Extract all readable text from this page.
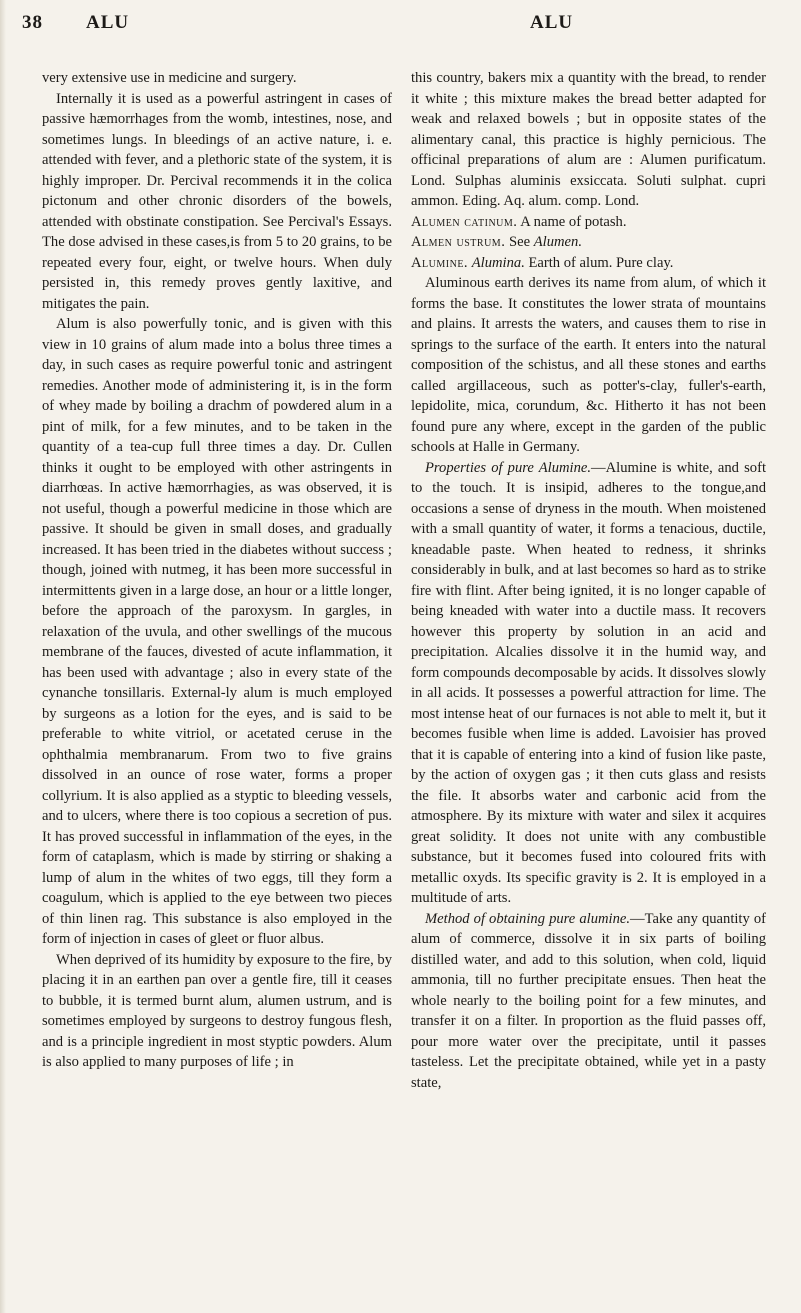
38 ALU	ALU

very extensive use in medicine and surgery.

Internally it is used as a powerful astringent in cases of passive hæmorrhages from the womb, intestines, nose, and sometimes lungs. In bleedings of an active nature, i. e. attended with fever, and a plethoric state of the system, it is highly improper. Dr. Percival recommends it in the colica pictonum and other chronic disorders of the bowels, attended with obstinate constipation. See Percival's Essays. The dose advised in these cases,is from 5 to 20 grains, to be repeated every four, eight, or twelve hours. When duly persisted in, this remedy proves gently laxitive, and mitigates the pain.

Alum is also powerfully tonic, and is given with this view in 10 grains of alum made into a bolus three times a day, in such cases as require powerful tonic and astringent remedies. Another mode of administering it, is in the form of whey made by boiling a drachm of powdered alum in a pint of milk, for a few minutes, and to be taken in the quantity of a tea-cup full three times a day. Dr. Cullen thinks it ought to be employed with other astringents in diarrhœas. In active hæmorrhagies, as was observed, it is not useful, though a powerful medicine in those which are passive. It should be given in small doses, and gradually increased. It has been tried in the diabetes without success ; though, joined with nutmeg, it has been more successful in intermittents given in a large dose, an hour or a little longer, before the approach of the paroxysm. In gargles, in relaxation of the uvula, and other swellings of the mucous membrane of the fauces, divested of acute inflammation, it has been used with advantage ; also in every state of the cynanche tonsillaris. External-ly alum is much employed by surgeons as a lotion for the eyes, and is said to be preferable to white vitriol, or acetated ceruse in the ophthalmia membranarum. From two to five grains dissolved in an ounce of rose water, forms a proper collyrium. It is also applied as a styptic to bleeding vessels, and to ulcers, where there is too copious a secretion of pus. It has proved successful in inflammation of the eyes, in the form of cataplasm, which is made by stirring or shaking a lump of alum in the whites of two eggs, till they form a coagulum, which is applied to the eye between two pieces of thin linen rag. This substance is also employed in the form of injection in cases of gleet or fluor albus.

When deprived of its humidity by exposure to the fire, by placing it in an earthen pan over a gentle fire, till it ceases to bubble, it is termed burnt alum, alumen ustrum, and is sometimes employed by surgeons to destroy fungous flesh, and is a principle ingredient in most styptic powders. Alum is also applied to many purposes of life ; in

this country, bakers mix a quantity with the bread, to render it white ; this mixture makes the bread better adapted for weak and relaxed bowels ; but in opposite states of the alimentary canal, this practice is highly pernicious. The officinal preparations of alum are : Alumen purificatum. Lond. Sulphas aluminis exsiccata. Soluti sulphat. cupri ammon. Eding. Aq. alum. comp. Lond.

Alumen catinum. A name of potash.

Almen ustrum. See Alumen.

Alumine. Alumina. Earth of alum. Pure clay.

Aluminous earth derives its name from alum, of which it forms the base. It constitutes the lower strata of mountains and plains. It arrests the waters, and causes them to rise in springs to the surface of the earth. It enters into the natural composition of the schistus, and all these stones and earths called argillaceous, such as potter's-clay, fuller's-earth, lepidolite, mica, corundum, &c. Hitherto it has not been found pure any where, except in the garden of the public schools at Halle in Germany.

Properties of pure Alumine.—Alumine is white, and soft to the touch. It is insipid, adheres to the tongue,and occasions a sense of dryness in the mouth. When moistened with a small quantity of water, it forms a tenacious, ductile, kneadable paste. When heated to redness, it shrinks considerably in bulk, and at last becomes so hard as to strike fire with flint. After being ignited, it is no longer capable of being kneaded with water into a ductile mass. It recovers however this property by solution in an acid and precipitation. Alcalies dissolve it in the humid way, and form compounds decomposable by acids. It dissolves slowly in all acids. It possesses a powerful attraction for lime. The most intense heat of our furnaces is not able to melt it, but it becomes fusible when lime is added. Lavoisier has proved that it is capable of entering into a kind of fusion like paste, by the action of oxygen gas ; it then cuts glass and resists the file. It absorbs water and carbonic acid from the atmosphere. By its mixture with water and silex it acquires great solidity. It does not unite with any combustible substance, but it becomes fused into coloured frits with metallic oxyds. Its specific gravity is 2. It is employed in a multitude of arts.

Method of obtaining pure alumine.—Take any quantity of alum of commerce, dissolve it in six parts of boiling distilled water, and add to this solution, when cold, liquid ammonia, till no further precipitate ensues. Then heat the whole nearly to the boiling point for a few minutes, and transfer it on a filter. In proportion as the fluid passes off, pour more water over the precipitate, until it passes tasteless. Let the precipitate obtained, while yet in a pasty state,
